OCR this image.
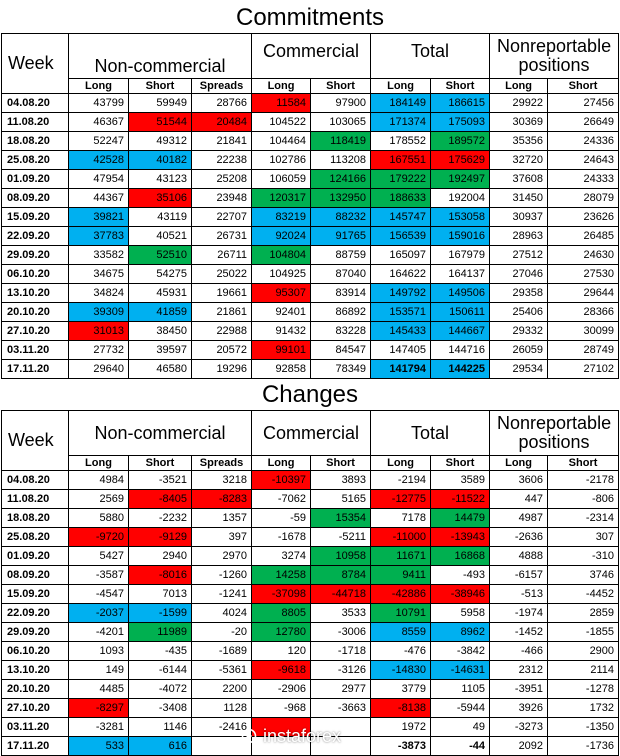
Commitments
Week	Non-commercial			Commercial		Total		Nonreportable positions	
	Long	Short	Spreads	Long	Short	Long	Short	Long	Short
04.08.20	43799	59949	28766	11584	97900	184149	186615	29922	27456
11.08.20	46367	51544	20484	104522	103065	171374	175093	30369	26649
18.08.20	52247	49312	21841	104464	118419	178552	189572	35356	24336
25.08.20	42528	40182	22238	102786	113208	167551	175629	32720	24643
01.09.20	47954	43123	25208	106059	124166	179222	192497	37608	24333
08.09.20	44367	35106	23948	120317	132950	188633	192004	31450	28079
15.09.20	39821	43119	22707	83219	88232	145747	153058	30937	23626
22.09.20	37783	40521	26731	92024	91765	156539	159016	28963	26485
29.09.20	33582	52510	26711	104804	88759	165097	167979	27512	24630
06.10.20	34675	54275	25022	104925	87040	164622	164137	27046	27530
13.10.20	34824	45931	19661	95307	83914	149792	149506	29358	29644
20.10.20	39309	41859	21861	92401	86892	153571	150611	25406	28366
27.10.20	31013	38450	22988	91432	83228	145433	144667	29332	30099
03.11.20	27732	39597	20572	99101	84547	147405	144716	26059	28749
17.11.20	29640	46580	19296	92858	78349	141794	144225	29534	27102
Changes
Week	Non-commercial			Commercial		Total		Nonreportable positions	
	Long	Short	Spreads	Long	Short	Long	Short	Long	Short
04.08.20	4984	-3521	3218	-10397	3893	-2194	3589	3606	-2178
11.08.20	2569	-8405	-8283	-7062	5165	-12775	-11522	447	-806
18.08.20	5880	-2232	1357	-59	15354	7178	14479	4987	-2314
25.08.20	-9720	-9129	397	-1678	-5211	-11000	-13943	-2636	307
01.09.20	5427	2940	2970	3274	10958	11671	16868	4888	-310
08.09.20	-3587	-8016	-1260	14258	8784	9411	-493	-6157	3746
15.09.20	-4547	7013	-1241	-37098	-44718	-42886	-38946	-513	-4452
22.09.20	-2037	-1599	4024	8805	3533	10791	5958	-1974	2859
29.09.20	-4201	11989	-20	12780	-3006	8559	8962	-1452	-1855
06.10.20	1093	-435	-1689	120	-1718	-476	-3842	-466	2900
13.10.20	149	-6144	-5361	-9618	-3126	-14830	-14631	2312	2114
20.10.20	4485	-4072	2200	-2906	2977	3779	1105	-3951	-1278
27.10.20	-8297	-3408	1128	-968	-3663	-8138	-5944	3926	1732
03.11.20	-3281	1146	-2416			1972	49	-3273	-1350
17.11.20	533	616				-3873	-44	2092	-1736
instaforex
